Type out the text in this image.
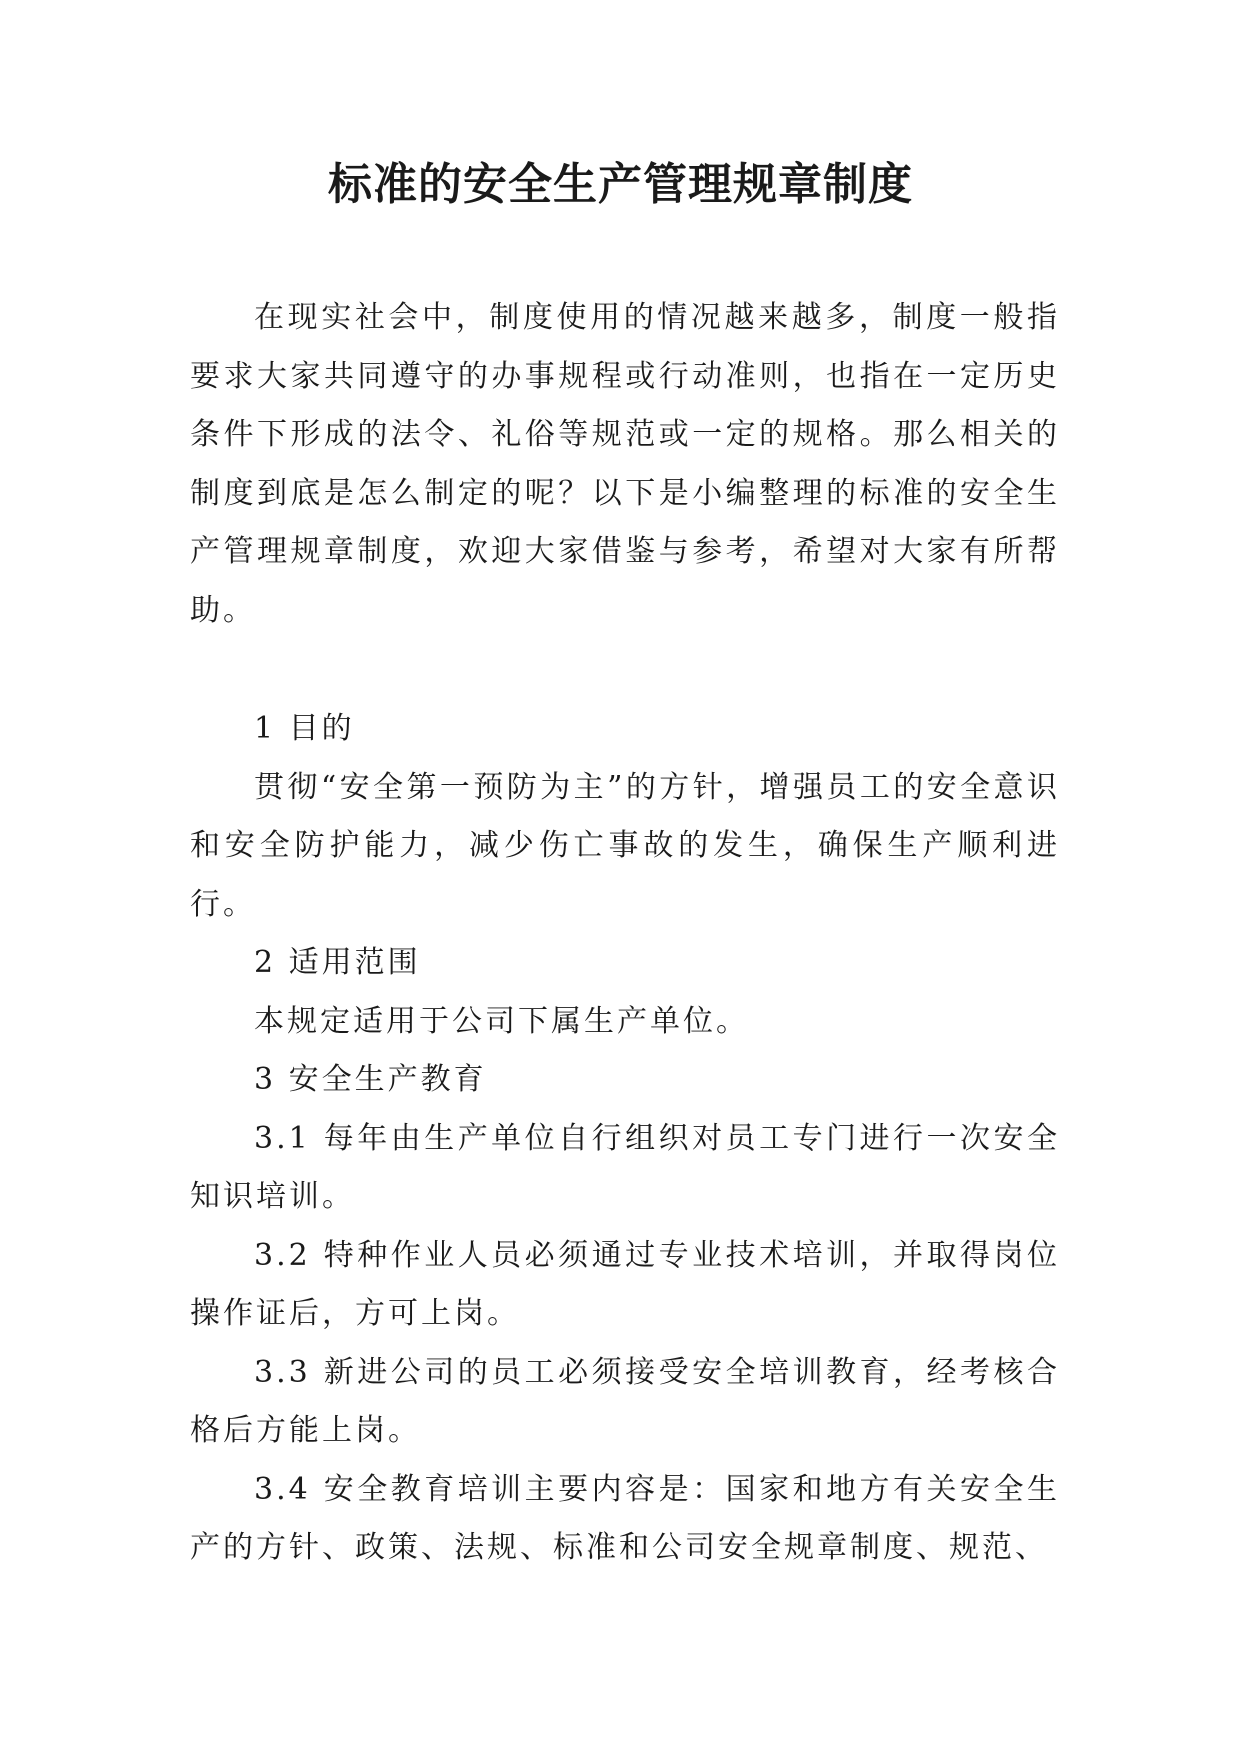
标准的安全生产管理规章制度

在现实社会中，制度使用的情况越来越多，制度一般指要求大家共同遵守的办事规程或行动准则，也指在一定历史条件下形成的法令、礼俗等规范或一定的规格。那么相关的制度到底是怎么制定的呢？以下是小编整理的标准的安全生产管理规章制度，欢迎大家借鉴与参考，希望对大家有所帮助。

1 目的

贯彻“安全第一预防为主”的方针，增强员工的安全意识和安全防护能力，减少伤亡事故的发生，确保生产顺利进行。

2 适用范围

本规定适用于公司下属生产单位。

3 安全生产教育

3.1 每年由生产单位自行组织对员工专门进行一次安全知识培训。

3.2 特种作业人员必须通过专业技术培训，并取得岗位操作证后，方可上岗。

3.3 新进公司的员工必须接受安全培训教育，经考核合格后方能上岗。

3.4 安全教育培训主要内容是：国家和地方有关安全生产的方针、政策、法规、标准和公司安全规章制度、规范、
